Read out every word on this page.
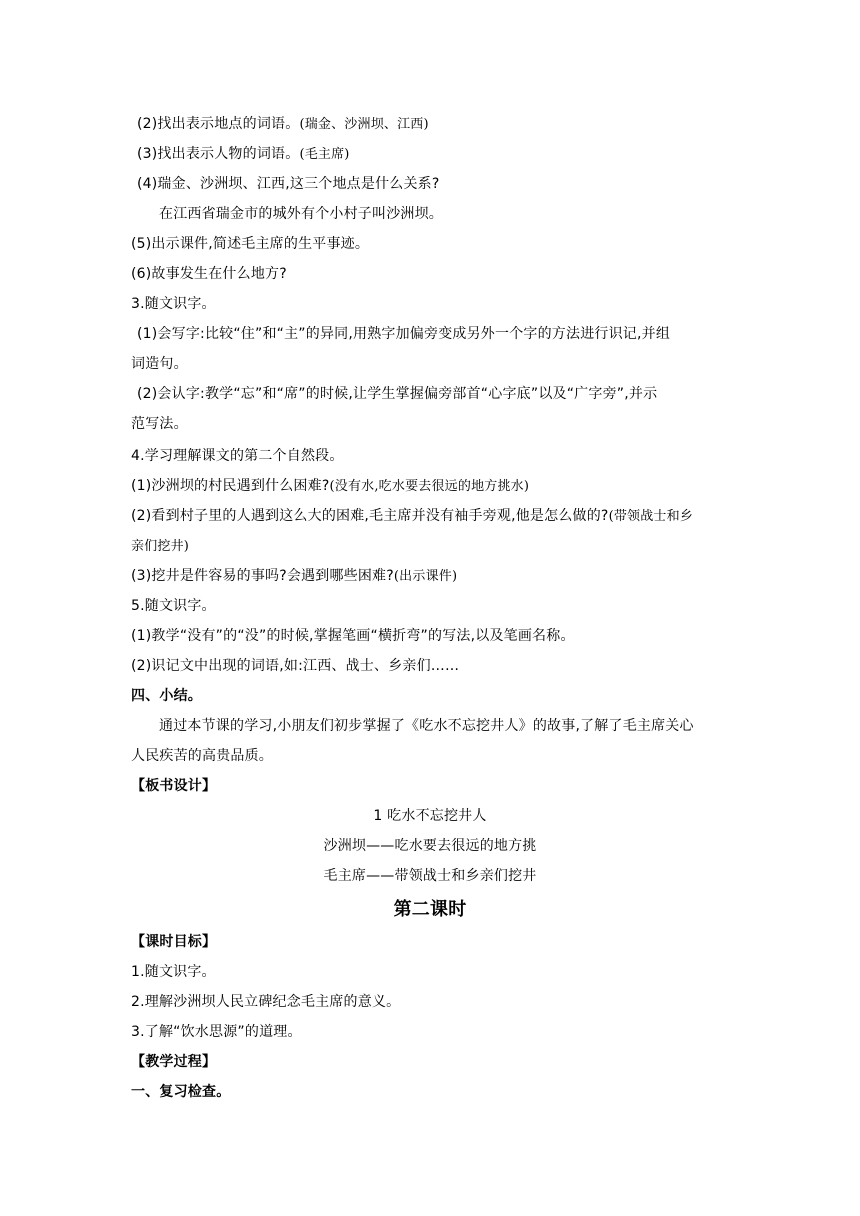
(2)找出表示地点的词语。(瑞金、沙洲坝、江西)
(3)找出表示人物的词语。(毛主席)
(4)瑞金、沙洲坝、江西,这三个地点是什么关系?
在江西省瑞金市的城外有个小村子叫沙洲坝。
(5)出示课件,简述毛主席的生平事迹。
(6)故事发生在什么地方?
3.随文识字。
(1)会写字:比较“住”和“主”的异同,用熟字加偏旁变成另外一个字的方法进行识记,并组
词造句。
(2)会认字:教学“忘”和“席”的时候,让学生掌握偏旁部首“心字底”以及“广字旁”,并示
范写法。
4.学习理解课文的第二个自然段。
(1)沙洲坝的村民遇到什么困难?(没有水,吃水要去很远的地方挑水)
(2)看到村子里的人遇到这么大的困难,毛主席并没有袖手旁观,他是怎么做的?(带领战士和乡
亲们挖井)
(3)挖井是件容易的事吗?会遇到哪些困难?(出示课件)
5.随文识字。
(1)教学“没有”的“没”的时候,掌握笔画“横折弯”的写法,以及笔画名称。
(2)识记文中出现的词语,如:江西、战士、乡亲们……
四、小结。
通过本节课的学习,小朋友们初步掌握了《吃水不忘挖井人》的故事,了解了毛主席关心
人民疾苦的高贵品质。
【板书设计】
1 吃水不忘挖井人
沙洲坝——吃水要去很远的地方挑
毛主席——带领战士和乡亲们挖井
第二课时
【课时目标】
1.随文识字。
2.理解沙洲坝人民立碑纪念毛主席的意义。
3.了解“饮水思源”的道理。
【教学过程】
一、复习检查。
